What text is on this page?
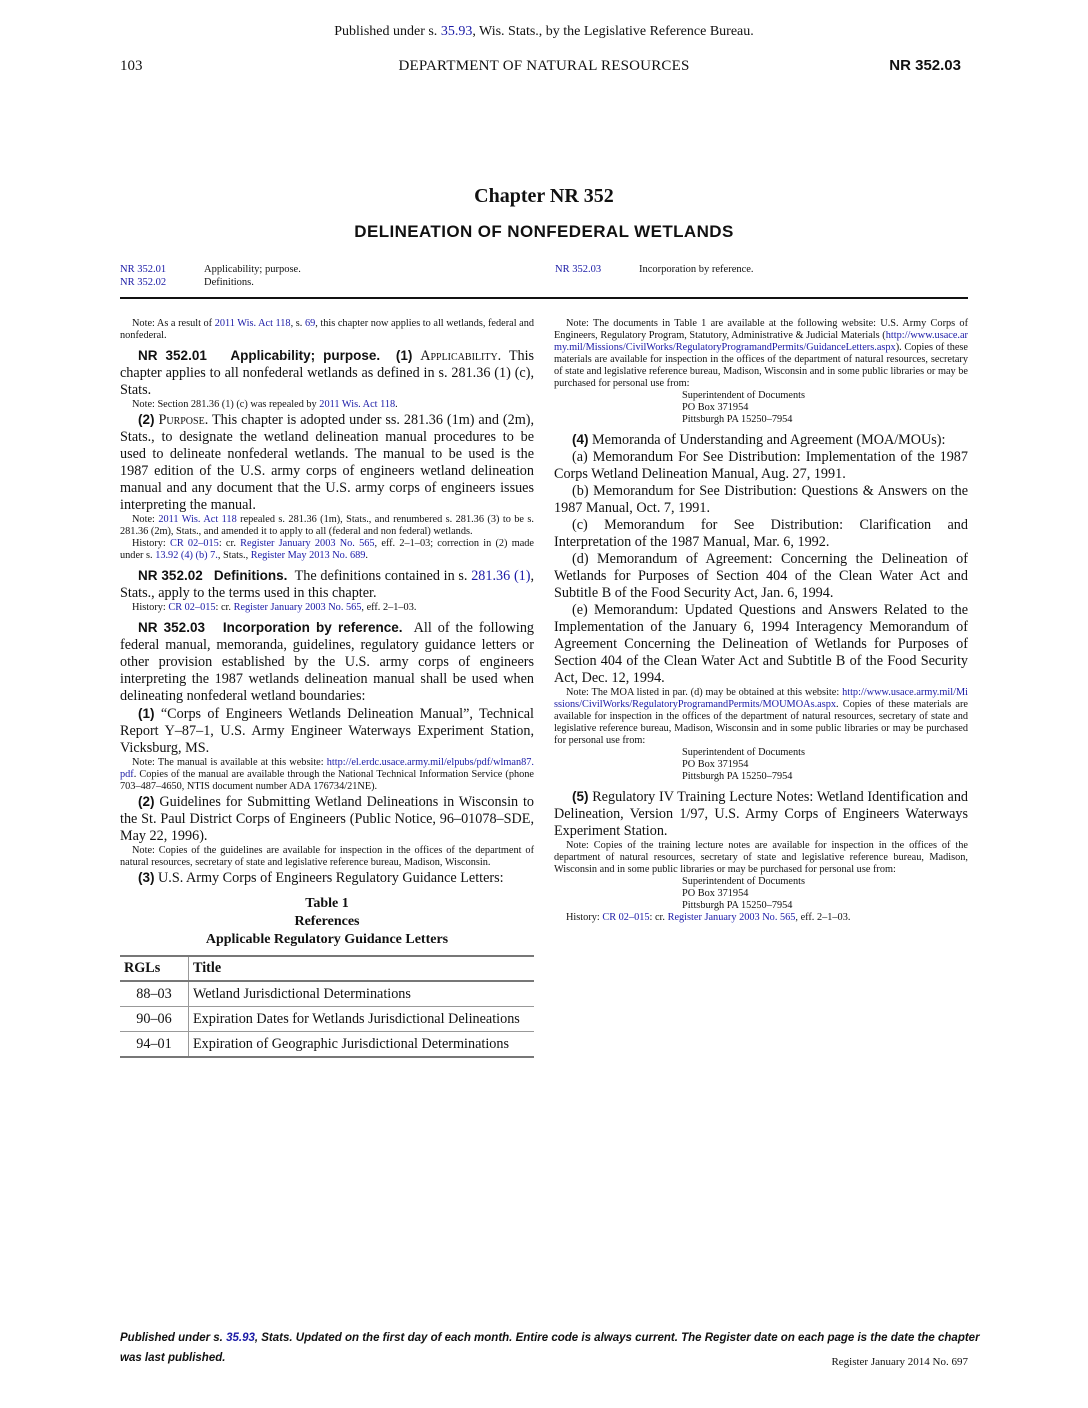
Published under s. 35.93, Wis. Stats., by the Legislative Reference Bureau.
103	DEPARTMENT OF NATURAL RESOURCES	NR 352.03
Chapter NR 352
DELINEATION OF NONFEDERAL WETLANDS
NR 352.01	Applicability; purpose.
NR 352.02	Definitions.
NR 352.03	Incorporation by reference.

Note: As a result of 2011 Wis. Act 118, s. 69, this chapter now applies to all wetlands, federal and nonfederal.

NR 352.01 Applicability; purpose. (1) Applicability. This chapter applies to all nonfederal wetlands as defined in s. 281.36 (1) (c), Stats.

Note: Section 281.36 (1) (c) was repealed by 2011 Wis. Act 118.

(2) Purpose. This chapter is adopted under ss. 281.36 (1m) and (2m), Stats., to designate the wetland delineation manual procedures to be used to delineate nonfederal wetlands. The manual to be used is the 1987 edition of the U.S. army corps of engineers wetland delineation manual and any document that the U.S. army corps of engineers issues interpreting the manual.

Note: 2011 Wis. Act 118 repealed s. 281.36 (1m), Stats., and renumbered s. 281.36 (3) to be s. 281.36 (2m), Stats., and amended it to apply to all (federal and non federal) wetlands.

History: CR 02–015: cr. Register January 2003 No. 565, eff. 2–1–03; correction in (2) made under s. 13.92 (4) (b) 7., Stats., Register May 2013 No. 689.

NR 352.02 Definitions. The definitions contained in s. 281.36 (1), Stats., apply to the terms used in this chapter.

History: CR 02–015: cr. Register January 2003 No. 565, eff. 2–1–03.

NR 352.03 Incorporation by reference. All of the following federal manual, memoranda, guidelines, regulatory guidance letters or other provision established by the U.S. army corps of engineers interpreting the 1987 wetlands delineation manual shall be used when delineating nonfederal wetland boundaries:

(1) “Corps of Engineers Wetlands Delineation Manual”, Technical Report Y–87–1, U.S. Army Engineer Waterways Experiment Station, Vicksburg, MS.

Note: The manual is available at this website: http://el.erdc.usace.army.mil/elpubs/pdf/wlman87.pdf. Copies of the manual are available through the National Technical Information Service (phone 703–487–4650, NTIS document number ADA 176734/21NE).

(2) Guidelines for Submitting Wetland Delineations in Wisconsin to the St. Paul District Corps of Engineers (Public Notice, 96–01078–SDE, May 22, 1996).

Note: Copies of the guidelines are available for inspection in the offices of the department of natural resources, secretary of state and legislative reference bureau, Madison, Wisconsin.

(3) U.S. Army Corps of Engineers Regulatory Guidance Letters:

Table 1
References
Applicable Regulatory Guidance Letters
RGLs	Title
88–03	Wetland Jurisdictional Determinations
90–06	Expiration Dates for Wetlands Jurisdictional Delineations
94–01	Expiration of Geographic Jurisdictional Determinations

Note: The documents in Table 1 are available at the following website: U.S. Army Corps of Engineers, Regulatory Program, Statutory, Administrative & Judicial Materials (http://www.usace.army.mil/Missions/CivilWorks/RegulatoryProgramandPermits/GuidanceLetters.aspx). Copies of these materials are available for inspection in the offices of the department of natural resources, secretary of state and legislative reference bureau, Madison, Wisconsin and in some public libraries or may be purchased for personal use from:

Superintendent of Documents
PO Box 371954
Pittsburgh PA 15250–7954

(4) Memoranda of Understanding and Agreement (MOA/MOUs):

(a) Memorandum For See Distribution: Implementation of the 1987 Corps Wetland Delineation Manual, Aug. 27, 1991.

(b) Memorandum for See Distribution: Questions & Answers on the 1987 Manual, Oct. 7, 1991.

(c) Memorandum for See Distribution: Clarification and Interpretation of the 1987 Manual, Mar. 6, 1992.

(d) Memorandum of Agreement: Concerning the Delineation of Wetlands for Purposes of Section 404 of the Clean Water Act and Subtitle B of the Food Security Act, Jan. 6, 1994.

(e) Memorandum: Updated Questions and Answers Related to the Implementation of the January 6, 1994 Interagency Memorandum of Agreement Concerning the Delineation of Wetlands for Purposes of Section 404 of the Clean Water Act and Subtitle B of the Food Security Act, Dec. 12, 1994.

Note: The MOA listed in par. (d) may be obtained at this website: http://www.usace.army.mil/Missions/CivilWorks/RegulatoryProgramandPermits/MOUMOAs.aspx. Copies of these materials are available for inspection in the offices of the department of natural resources, secretary of state and legislative reference bureau, Madison, Wisconsin and in some public libraries or may be purchased for personal use from:

Superintendent of Documents
PO Box 371954
Pittsburgh PA 15250–7954

(5) Regulatory IV Training Lecture Notes: Wetland Identification and Delineation, Version 1/97, U.S. Army Corps of Engineers Waterways Experiment Station.

Note: Copies of the training lecture notes are available for inspection in the offices of the department of natural resources, secretary of state and legislative reference bureau, Madison, Wisconsin and in some public libraries or may be purchased for personal use from:

Superintendent of Documents
PO Box 371954
Pittsburgh PA 15250–7954

History: CR 02–015: cr. Register January 2003 No. 565, eff. 2–1–03.

Published under s. 35.93, Stats. Updated on the first day of each month. Entire code is always current. The Register date on each page is the date the chapter was last published.	Register January 2014 No. 697
